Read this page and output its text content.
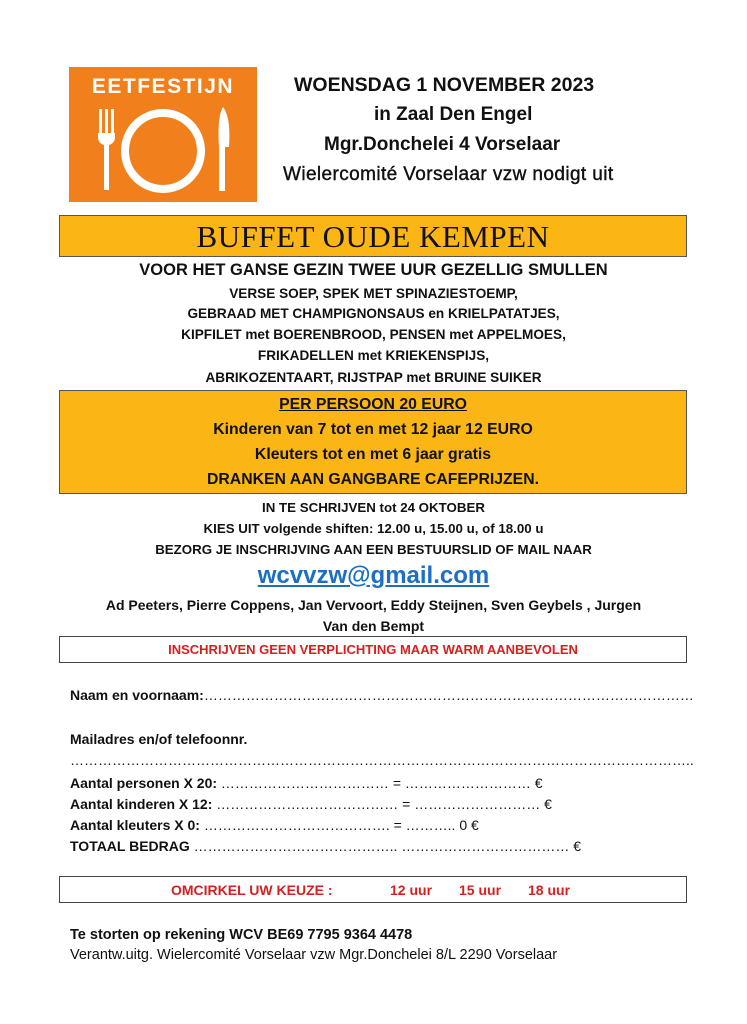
EETFESTIJN	WOENSDAG 1 NOVEMBER 2023
in Zaal Den Engel
Mgr.Donchelei 4 Vorselaar
Wielercomité Vorselaar vzw nodigt uit
BUFFET OUDE KEMPEN
VOOR HET GANSE GEZIN TWEE UUR GEZELLIG SMULLEN
VERSE SOEP, SPEK MET SPINAZIESTOEMP,
GEBRAAD MET CHAMPIGNONSAUS en KRIELPATATJES,
KIPFILET met BOERENBROOD, PENSEN met APPELMOES,
FRIKADELLEN met KRIEKENSPIJS,
ABRIKOZENTAART, RIJSTPAP met BRUINE SUIKER
PER PERSOON 20 EURO
Kinderen van 7 tot en met 12 jaar 12 EURO
Kleuters tot en met 6 jaar gratis
DRANKEN AAN GANGBARE CAFEPRIJZEN.
IN TE SCHRIJVEN tot 24 OKTOBER
KIES UIT volgende shiften: 12.00 u, 15.00 u, of 18.00 u
BEZORG JE INSCHRIJVING AAN EEN BESTUURSLID OF MAIL NAAR
wcvvzw@gmail.com
Ad Peeters, Pierre Coppens, Jan Vervoort, Eddy Steijnen, Sven Geybels , Jurgen
Van den Bempt
INSCHRIJVEN GEEN VERPLICHTING MAAR WARM AANBEVOLEN
Naam en voornaam:……………………………………………………………………………………………
Mailadres en/of telefoonnr.
……………………………………………………………………………………………………………………..
Aantal personen X 20: ……………………………… = ……………………… €
Aantal kinderen X 12: ………………………………… = ……………………… €
Aantal kleuters X 0: …………………………………. = ……….. 0 €
TOTAAL BEDRAG …………………………………….. ……………………………… €
OMCIRKEL UW KEUZE :	12 uur 15 uur 18 uur
Te storten op rekening WCV BE69 7795 9364 4478
Verantw.uitg. Wielercomité Vorselaar vzw Mgr.Donchelei 8/L 2290 Vorselaar
